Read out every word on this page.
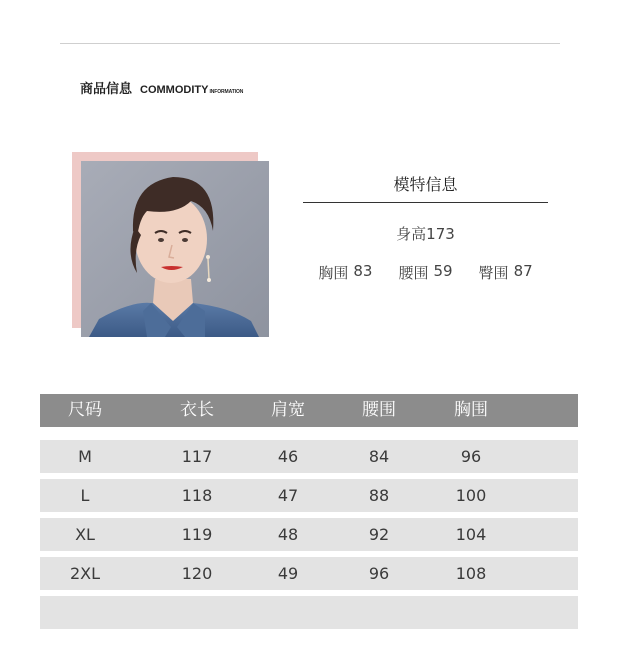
商品信息 COMMODITY INFORMATION
模特信息
身高173
胸围 83 腰围 59 臀围 87
尺码	衣长	肩宽	腰围	胸围
M	117	46	84	96
L	118	47	88	100
XL	119	48	92	104
2XL	120	49	96	108
